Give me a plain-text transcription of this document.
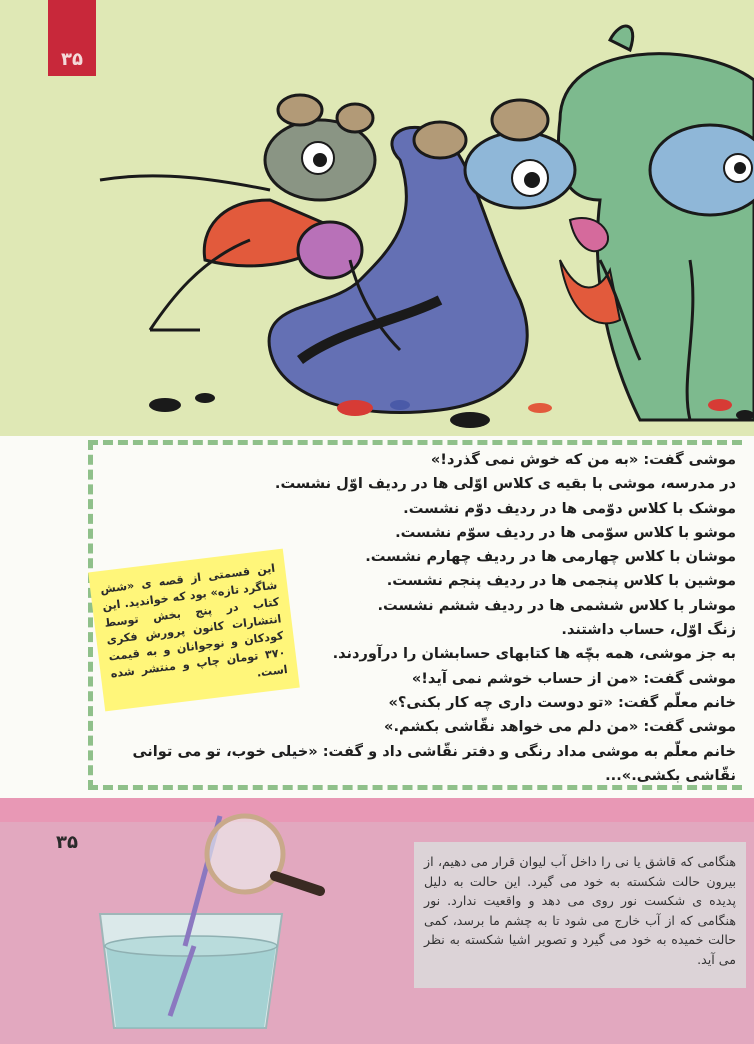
۳۵
موشی گفت: «به من که خوش نمی گذرد!»
در مدرسه، موشی با بقیه ی کلاس اوّلی ها در ردیف اوّل نشست.
موشک با کلاس دوّمی ها در ردیف دوّم نشست.
موشو با کلاس سوّمی ها در ردیف سوّم نشست.
موشان با کلاس چهارمی ها در ردیف چهارم نشست.
موشین با کلاس پنجمی ها در ردیف پنجم نشست.
موشار با کلاس ششمی ها در ردیف ششم نشست.
زنگ اوّل، حساب داشتند.
به جز موشی، همه بچّه ها کتابهای حسابشان را درآوردند.
موشی گفت: «من از حساب خوشم نمی آید!»
خانم معلّم گفت: «تو دوست داری چه کار بکنی؟»
موشی گفت: «من دلم می خواهد نقّاشی بکشم.»
خانم معلّم به موشی مداد رنگی و دفتر نقّاشی داد و گفت: «خیلی خوب، تو می توانی نقّاشی بکشی.»...
این قسمتی از قصه ی «شش شاگرد تازه» بود که خواندید. این کتاب در پنج بخش توسط انتشارات کانون پرورش فکری کودکان و نوجوانان و به قیمت ۳۷۰ تومان چاپ و منتشر شده است.
۳۵
هنگامی که قاشق یا نی را داخل آب لیوان قرار می دهیم، از بیرون حالت شکسته به خود می گیرد. این حالت به دلیل پدیده ی شکست نور روی می دهد و واقعیت ندارد. نور هنگامی که از آب خارج می شود تا به چشم ما برسد، کمی حالت خمیده به خود می گیرد و تصویر اشیا شکسته به نظر می آید.
